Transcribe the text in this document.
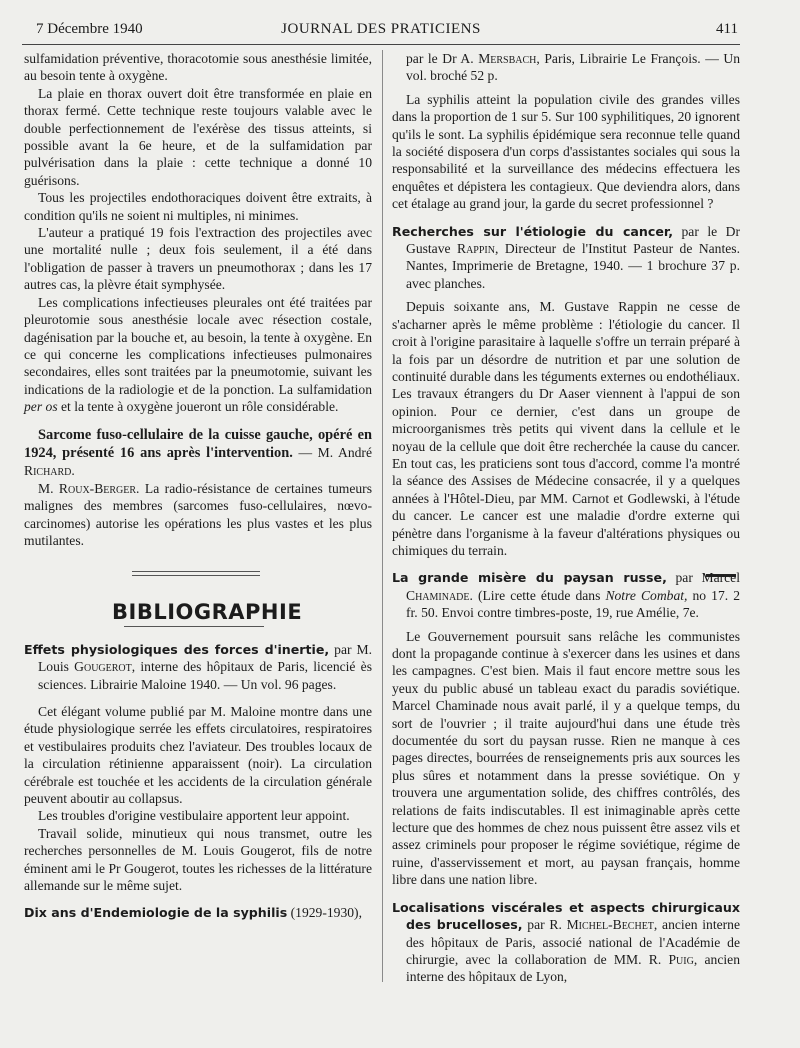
7 Décembre 1940	JOURNAL DES PRATICIENS	411

sulfamidation préventive, thoracotomie sous anesthésie limitée, au besoin tente à oxygène.

La plaie en thorax ouvert doit être transformée en plaie en thorax fermé. Cette technique reste toujours valable avec le double perfectionnement de l'exérèse des tissus atteints, si possible avant la 6e heure, et de la sulfamidation par pulvérisation dans la plaie : cette technique a donné 10 guérisons.

Tous les projectiles endothoraciques doivent être extraits, à condition qu'ils ne soient ni multiples, ni minimes.

L'auteur a pratiqué 19 fois l'extraction des projectiles avec une mortalité nulle ; deux fois seulement, il a été dans l'obligation de passer à travers un pneumothorax ; dans les 17 autres cas, la plèvre était symphysée.

Les complications infectieuses pleurales ont été traitées par pleurotomie sous anesthésie locale avec résection costale, dagénisation par la bouche et, au besoin, la tente à oxygène. En ce qui concerne les complications infectieuses pulmonaires secondaires, elles sont traitées par la pneumotomie, suivant les indications de la radiologie et de la ponction. La sulfamidation per os et la tente à oxygène joueront un rôle considérable.

Sarcome fuso-cellulaire de la cuisse gauche, opéré en 1924, présenté 16 ans après l'intervention. — M. André Richard.

M. Roux-Berger. La radio-résistance de certaines tumeurs malignes des membres (sarcomes fuso-cellulaires, nœvo-carcinomes) autorise les opérations les plus vastes et les plus mutilantes.

BIBLIOGRAPHIE

Effets physiologiques des forces d'inertie, par M. Louis Gougerot, interne des hôpitaux de Paris, licencié ès sciences. Librairie Maloine 1940. — Un vol. 96 pages.

Cet élégant volume publié par M. Maloine montre dans une étude physiologique serrée les effets circulatoires, respiratoires et vestibulaires produits chez l'aviateur. Des troubles locaux de la circulation rétinienne apparaissent (noir). La circulation cérébrale est touchée et les accidents de la circulation générale peuvent aboutir au collapsus.

Les troubles d'origine vestibulaire apportent leur appoint.

Travail solide, minutieux qui nous transmet, outre les recherches personnelles de M. Louis Gougerot, fils de notre éminent ami le Pr Gougerot, toutes les richesses de la littérature allemande sur le même sujet.

Dix ans d'Endemiologie de la syphilis (1929-1930),

par le Dr A. Mersbach, Paris, Librairie Le François. — Un vol. broché 52 p.

La syphilis atteint la population civile des grandes villes dans la proportion de 1 sur 5. Sur 100 syphilitiques, 20 ignorent qu'ils le sont. La syphilis épidémique sera reconnue telle quand la société disposera d'un corps d'assistantes sociales qui sous la responsabilité et la surveillance des médecins effectuera les enquêtes et dépistera les contagieux. Que deviendra alors, dans cet étalage au grand jour, la garde du secret professionnel ?

Recherches sur l'étiologie du cancer, par le Dr Gustave Rappin, Directeur de l'Institut Pasteur de Nantes. Nantes, Imprimerie de Bretagne, 1940. — 1 brochure 37 p. avec planches.

Depuis soixante ans, M. Gustave Rappin ne cesse de s'acharner après le même problème : l'étiologie du cancer. Il croit à l'origine parasitaire à laquelle s'offre un terrain préparé à la fois par un désordre de nutrition et par une solution de continuité durable dans les téguments externes ou endothéliaux. Les travaux étrangers du Dr Aaser viennent à l'appui de son opinion. Pour ce dernier, c'est dans un groupe de microorganismes très petits qui vivent dans la cellule et le noyau de la cellule que doit être recherchée la cause du cancer. En tout cas, les praticiens sont tous d'accord, comme l'a montré la séance des Assises de Médecine consacrée, il y a quelques années à l'Hôtel-Dieu, par MM. Carnot et Godlewski, à l'étude du cancer. Le cancer est une maladie d'ordre externe qui pénètre dans l'organisme à la faveur d'altérations physiques ou chimiques du terrain.

La grande misère du paysan russe, par Marcel Chaminade. (Lire cette étude dans Notre Combat, no 17. 2 fr. 50. Envoi contre timbres-poste, 19, rue Amélie, 7e.

Le Gouvernement poursuit sans relâche les communistes dont la propagande continue à s'exercer dans les usines et dans les campagnes. C'est bien. Mais il faut encore mettre sous les yeux du public abusé un tableau exact du paradis soviétique. Marcel Chaminade nous avait parlé, il y a quelque temps, du sort de l'ouvrier ; il traite aujourd'hui dans une étude très documentée du sort du paysan russe. Rien ne manque à ces pages directes, bourrées de renseignements pris aux sources les plus sûres et notamment dans la presse soviétique. On y trouvera une argumentation solide, des chiffres contrôlés, des relations de faits indiscutables. Il est inimaginable après cette lecture que des hommes de chez nous puissent être assez vils et assez criminels pour proposer le régime soviétique, régime de ruine, d'asservissement et mort, au paysan français, homme libre dans une nation libre.

Localisations viscérales et aspects chirurgicaux des brucelloses, par R. Michel-Bechet, ancien interne des hôpitaux de Paris, associé national de l'Académie de chirurgie, avec la collaboration de MM. R. Puig, ancien interne des hôpitaux de Lyon,
